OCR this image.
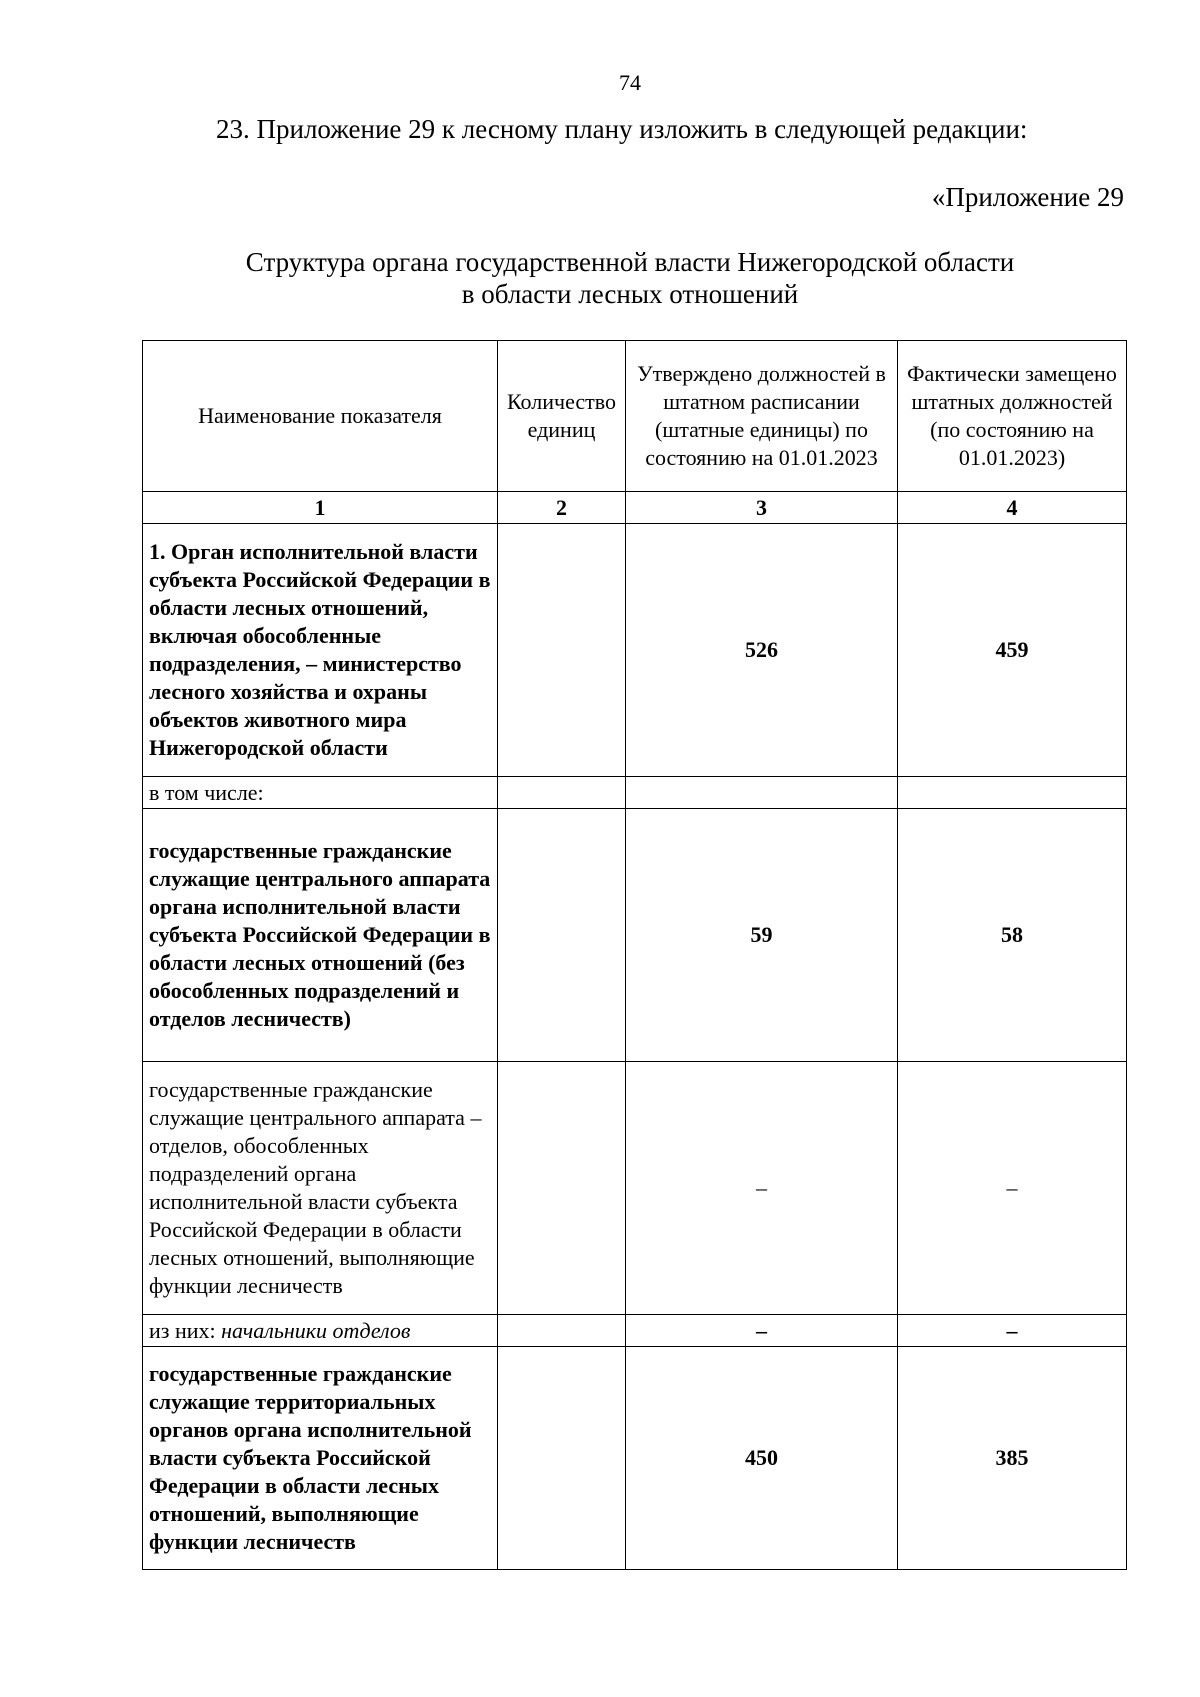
74
23. Приложение 29 к лесному плану изложить в следующей редакции:
«Приложение 29
Структура органа государственной власти Нижегородской области
в области лесных отношений
Наименование показателя	Количество единиц	Утверждено должностей в штатном расписании (штатные единицы) по состоянию на 01.01.2023	Фактически замещено штатных должностей (по состоянию на 01.01.2023)
1	2	3	4
1. Орган исполнительной власти субъекта Российской Федерации в области лесных отношений, включая обособленные подразделения, – министерство лесного хозяйства и охраны объектов животного мира Нижегородской области		526	459
в том числе:			
государственные гражданские служащие центрального аппарата органа исполнительной власти субъекта Российской Федерации в области лесных отношений (без обособленных подразделений и отделов лесничеств)		59	58
государственные гражданские служащие центрального аппарата – отделов, обособленных подразделений органа исполнительной власти субъекта Российской Федерации в области лесных отношений, выполняющие функции лесничеств		–	–
из них: начальники отделов		–	–
государственные гражданские служащие территориальных органов органа исполнительной власти субъекта Российской Федерации в области лесных отношений, выполняющие функции лесничеств		450	385
